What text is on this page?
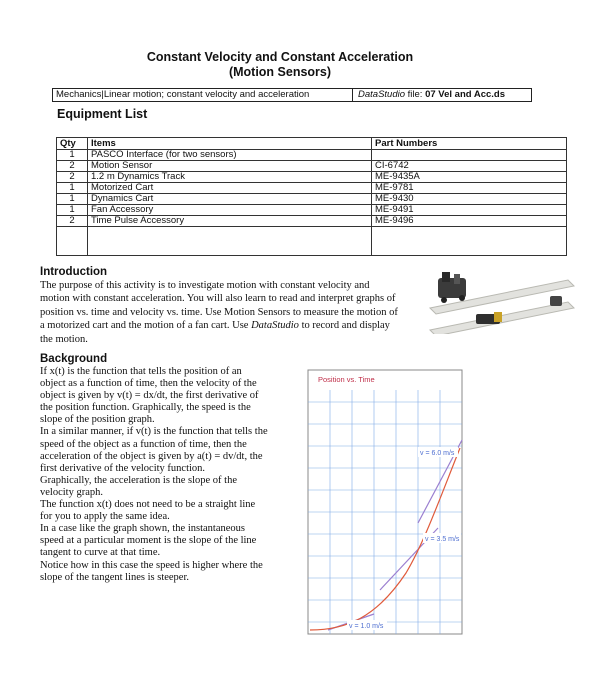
Constant Velocity and Constant Acceleration
(Motion Sensors)
Mechanics|Linear motion; constant velocity and acceleration	DataStudio file: 07 Vel and Acc.ds
Equipment List
Qty	Items	Part Numbers
1	PASCO Interface (for two sensors)	
2	Motion Sensor	CI-6742
2	1.2 m Dynamics Track	ME-9435A
1	Motorized Cart	ME-9781
1	Dynamics Cart	ME-9430
1	Fan Accessory	ME-9491
2	Time Pulse Accessory	ME-9496

Introduction
The purpose of this activity is to investigate motion with constant velocity and motion with constant acceleration. You will also learn to read and interpret graphs of position vs. time and velocity vs. time. Use Motion Sensors to measure the motion of a motorized cart and the motion of a fan cart. Use DataStudio to record and display the motion.
Position vs. Time
v = 6.0 m/s
v = 3.5 m/s
v = 1.0 m/s
Background

If x(t) is the function that tells the position of an object as a function of time, then the velocity of the object is given by v(t) = dx/dt, the first derivative of the position function. Graphically, the speed is the slope of the position graph.

In a similar manner, if v(t) is the function that tells the speed of the object as a function of time, then the acceleration of the object is given by a(t) = dv/dt, the first derivative of the velocity function.

Graphically, the acceleration is the slope of the velocity graph.

The function x(t) does not need to be a straight line for you to apply the same idea.

In a case like the graph shown, the instantaneous speed at a particular moment is the slope of the line tangent to curve at that time.

Notice how in this case the speed is higher where the slope of the tangent lines is steeper.
